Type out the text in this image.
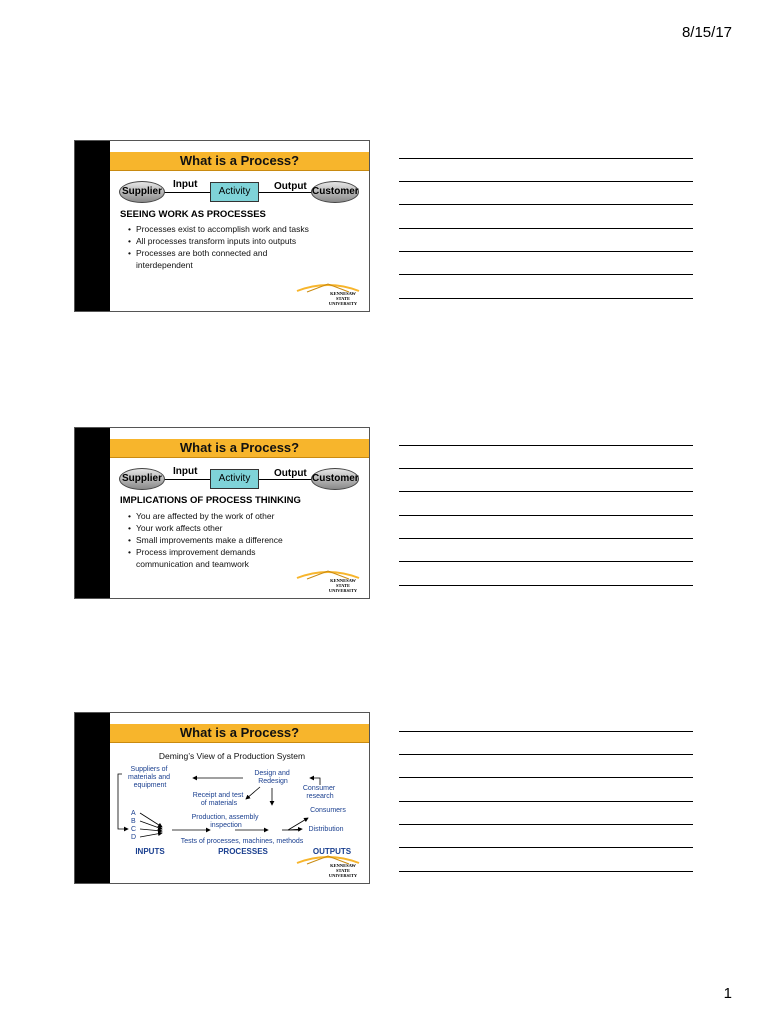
8/15/17
What is a Process?
Supplier
Input
Activity	Output Customer
SEEING WORK AS PROCESSES
• Processes exist to accomplish work and tasks
• All processes transform inputs into outputs
• Processes are both connected and interdependent
KENNESAW
STATE UNIVERSITY
What is a Process?
Supplier
Input
Activity	Output Customer
IMPLICATIONS OF PROCESS THINKING
• You are affected by the work of other
• Your work affects other
• Small improvements make a difference
• Process improvement demands communication and teamwork
KENNESAW
STATE UNIVERSITY
What is a Process?
Deming’s View of a Production System
Suppliers of materials and equipment
Design and Redesign
Consumer research
Receipt and test of materials
Consumers
Production, assembly inspection
Distribution
A B C D
Tests of processes, machines, methods
INPUTS	PROCESSES	OUTPUTS
KENNESAW
STATE UNIVERSITY
1
